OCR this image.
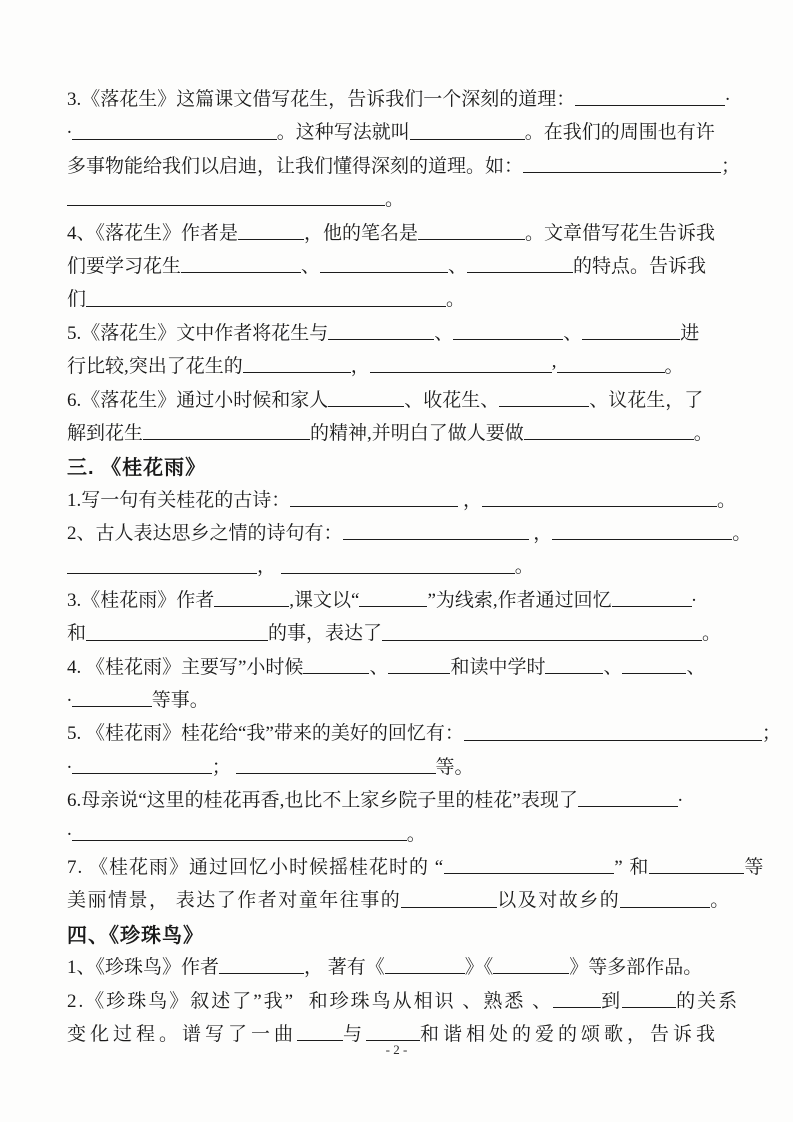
3.《落花生》这篇课文借写花生，告诉我们一个深刻的道理：	.
.	。这种写法就叫	。在我们的周围也有许
多事物能给我们以启迪，让我们懂得深刻的道理。如：	；
。
4、《落花生》作者是	，他的笔名是	。文章借写花生告诉我
们要学习花生	、	、	的特点。告诉我
们	。
5.《落花生》文中作者将花生与	、	、	进
行比较,突出了花生的	，	,	。
6.《落花生》通过小时候和家人	、收花生、	、议花生，了
解到花生	的精神,并明白了做人要做	。
三. 《桂花雨》
1.写一句有关桂花的古诗：	，	。
2、古人表达思乡之情的诗句有：	，	。
，	。
3.《桂花雨》作者	,课文以“	”为线索,作者通过回忆	.
和	的事，表达了	。
4. 《桂花雨》主要写”小时候	、	和读中学时	、	、
.	等事。
5. 《桂花雨》桂花给“我”带来的美好的回忆有：	；
.	；	等。
6.母亲说“这里的桂花再香,也比不上家乡院子里的桂花”表现了	.
.	。
7. 《桂花雨》通过回忆小时候摇桂花时的 “	” 和	等
美丽情景， 表达了作者对童年往事的	以及对故乡的	。
四、《珍珠鸟》
1、《珍珠鸟》作者	， 著有《	》《	》等多部作品。
2.《珍珠鸟》叙述了”我”  和珍珠鸟从相识 、熟悉 、	到	的关系
变化过程。谱写了一曲 与	和谐相处的爱的颂歌，告诉我
- 2 -
